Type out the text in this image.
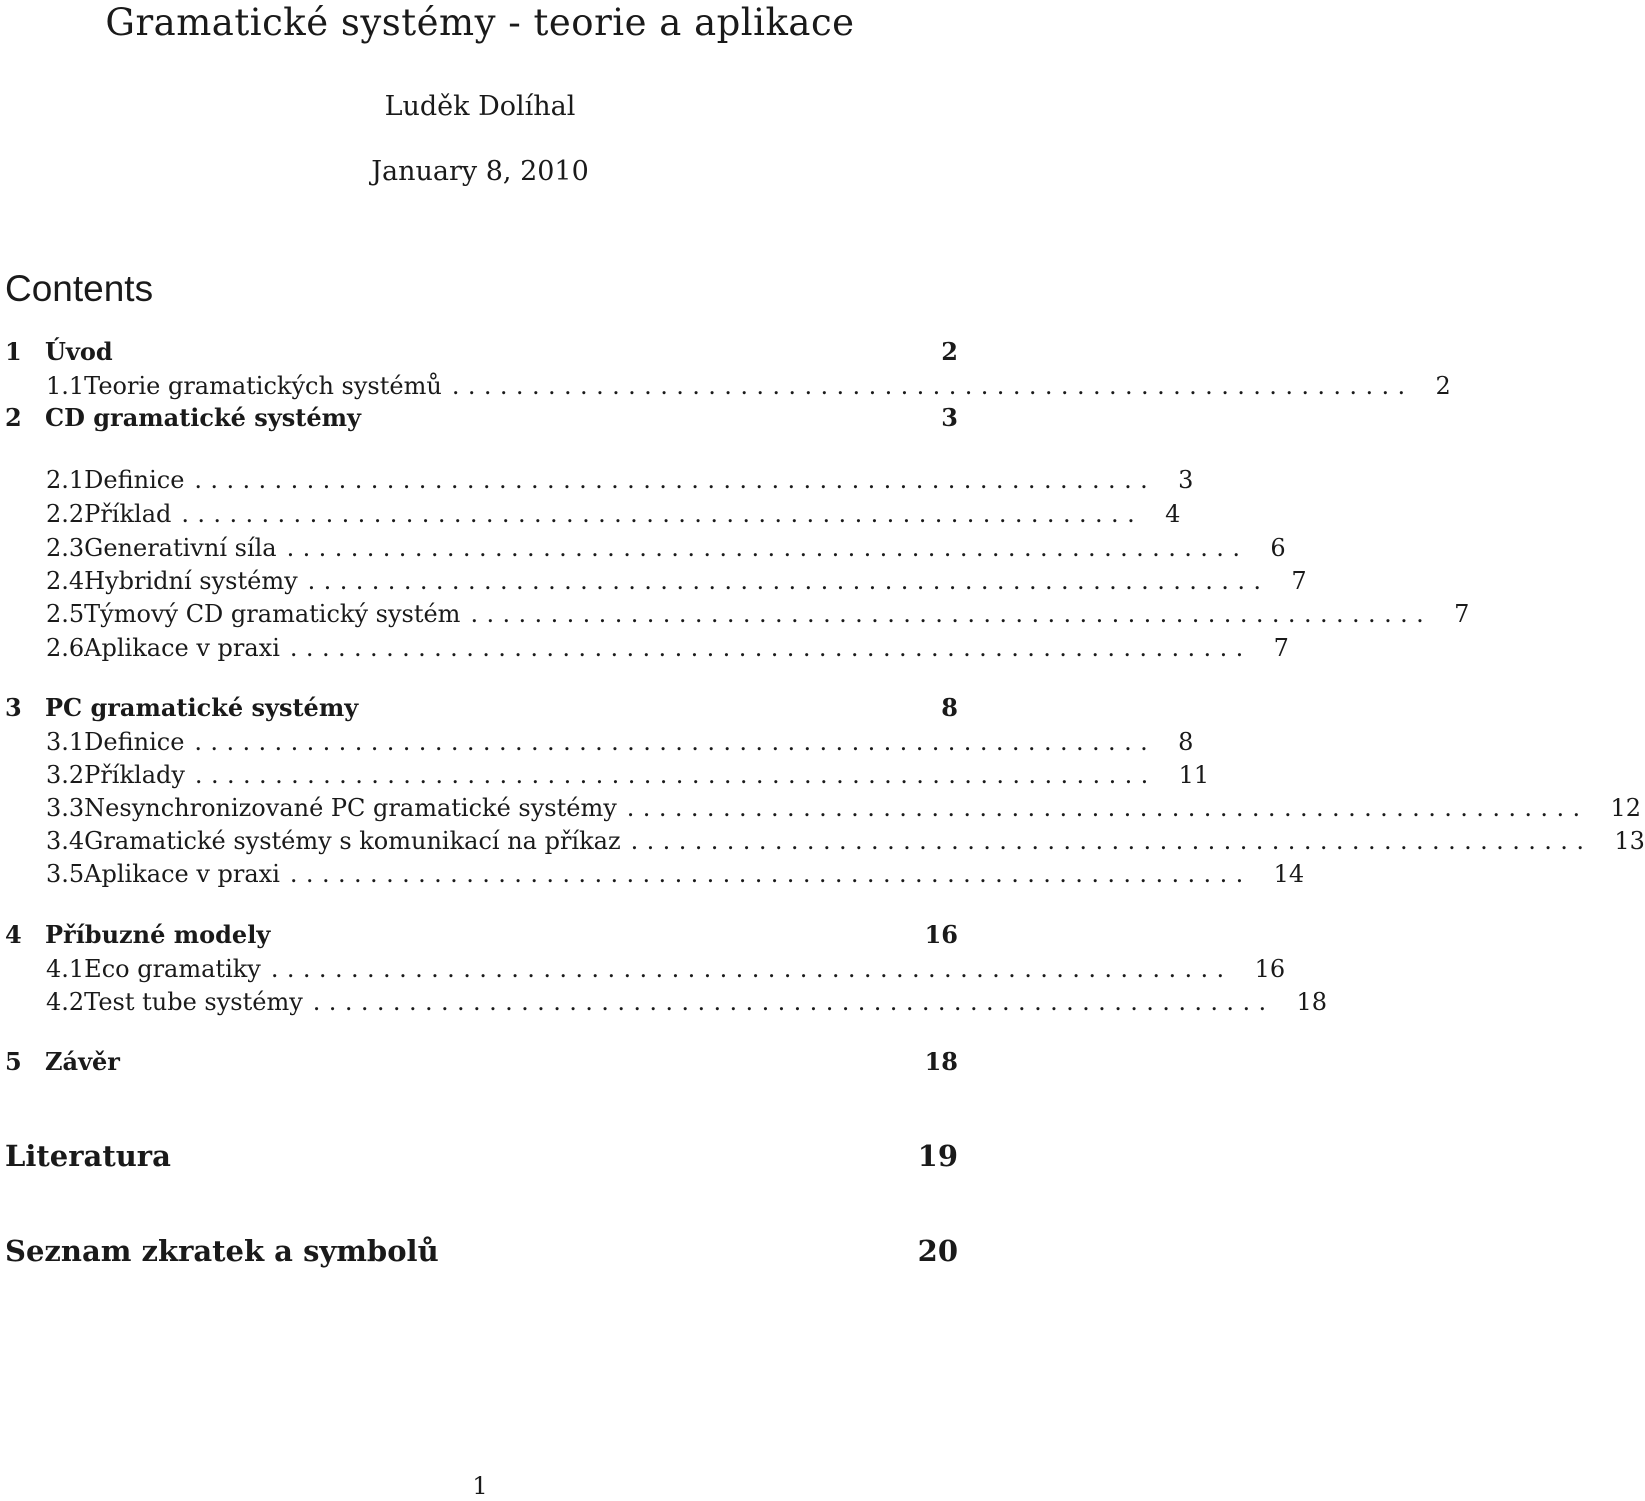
Gramatické systémy - teorie a aplikace
Luděk Dolíhal
January 8, 2010
Contents
1 Úvod	2
1.1 Teorie gramatických systémů ............................................................ 2
2 CD gramatické systémy	3
2.1 Definice ............................................................ 3
2.2 Příklad ............................................................ 4
2.3 Generativní síla ............................................................ 6
2.4 Hybridní systémy ............................................................ 7
2.5 Týmový CD gramatický systém ............................................................ 7
2.6 Aplikace v praxi ............................................................ 7
3 PC gramatické systémy	8
3.1 Definice ............................................................ 8
3.2 Příklady ............................................................ 11
3.3 Nesynchronizované PC gramatické systémy ............................................................ 12
3.4 Gramatické systémy s komunikací na příkaz ............................................................ 13
3.5 Aplikace v praxi ............................................................ 14
4 Příbuzné modely	16
4.1 Eco gramatiky ............................................................ 16
4.2 Test tube systémy ............................................................ 18
5 Závěr	18
Literatura	19
Seznam zkratek a symbolů	20
1
